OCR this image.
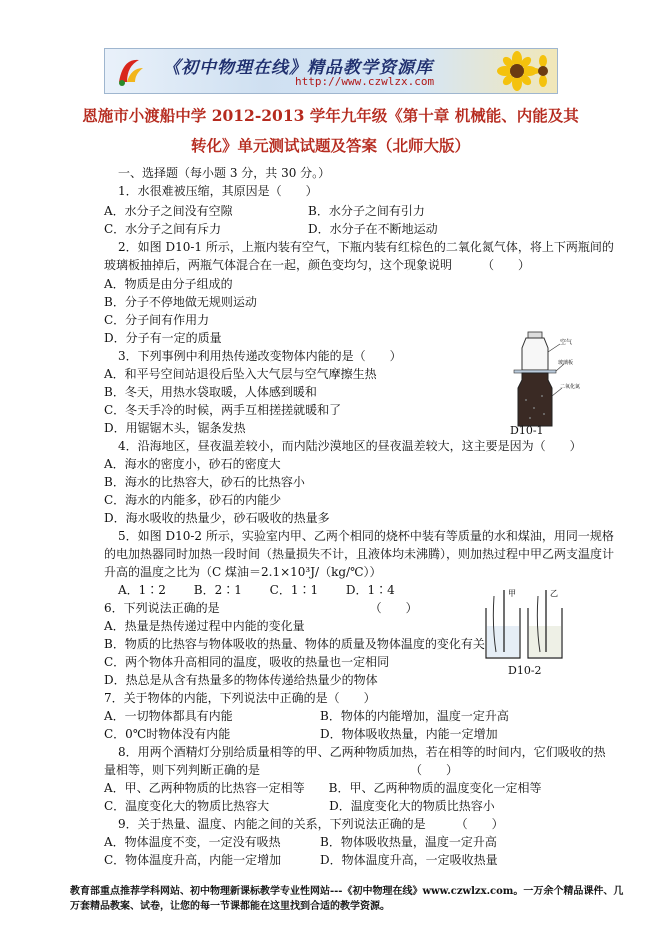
《初中物理在线》精品教学资源库
http://www.czwlzx.com
恩施市小渡船中学 2012-2013 学年九年级《第十章 机械能、内能及其
转化》单元测试试题及答案（北师大版）
一、选择题（每小题 3 分，共 30 分。）
1．水很难被压缩，其原因是（　　）
A．水分子之间没有空隙	B．水分子之间有引力
C．水分子之间有斥力	D．水分子在不断地运动
2．如图 D10-1 所示，上瓶内装有空气，下瓶内装有红棕色的二氧化氮气体，将上下两瓶间的
玻璃板抽掉后，两瓶气体混合在一起，颜色变均匀，这个现象说明　　　（　　）
A．物质是由分子组成的
B．分子不停地做无规则运动
C．分子间有作用力
D．分子有一定的质量
3．下列事例中利用热传递改变物体内能的是（　　）
A．和平号空间站退役后坠入大气层与空气摩擦生热
B．冬天，用热水袋取暖，人体感到暖和
C．冬天手冷的时候，两手互相搓搓就暖和了
D．用锯锯木头，锯条发热
4．沿海地区，昼夜温差较小，而内陆沙漠地区的昼夜温差较大，这主要是因为（　　）
A．海水的密度小，砂石的密度大
B．海水的比热容大，砂石的比热容小
C．海水的内能多，砂石的内能少
D．海水吸收的热量少，砂石吸收的热量多
5．如图 D10-2 所示，实验室内甲、乙两个相同的烧杯中装有等质量的水和煤油，用同一规格
的电加热器同时加热一段时间（热量损失不计，且液体均未沸腾），则加热过程中甲乙两支温度计
升高的温度之比为（C 煤油＝2.1×10³J/（kg/℃））
A．1∶2　　 B．2∶1　　 C．1∶1　　 D．1∶4
6．下列说法正确的是　　　　　　　　　　　　　（　　）
A．热量是热传递过程中内能的变化量
B．物质的比热容与物体吸收的热量、物体的质量及物体温度的变化有关
C．两个物体升高相同的温度，吸收的热量也一定相同
D．热总是从含有热量多的物体传递给热量少的物体
7．关于物体的内能，下列说法中正确的是（　　）
A．一切物体都具有内能	B．物体的内能增加，温度一定升高
C．0℃时物体没有内能	D．物体吸收热量，内能一定增加
8．用两个酒精灯分别给质量相等的甲、乙两种物质加热，若在相等的时间内，它们吸收的热
量相等，则下列判断正确的是　　　　　　　　　　　　　（　　）
A．甲、乙两种物质的比热容一定相等　　B．甲、乙两种物质的温度变化一定相等
C．温度变化大的物质比热容大　　　　　D．温度变化大的物质比热容小
9．关于热量、温度、内能之间的关系，下列说法正确的是　　　（　　）
A．物体温度不变，一定没有吸热	B．物体吸收热量，温度一定升高
C．物体温度升高，内能一定增加	D．物体温度升高，一定吸收热量
空气
玻璃板
二氧化氮
D10-1
甲	乙
D10-2
教育部重点推荐学科网站、初中物理新课标教学专业性网站---《初中物理在线》www.czwlzx.com。一万余个精品课件、几万套精品教案、试卷，让您的每一节课都能在这里找到合适的教学资源。
